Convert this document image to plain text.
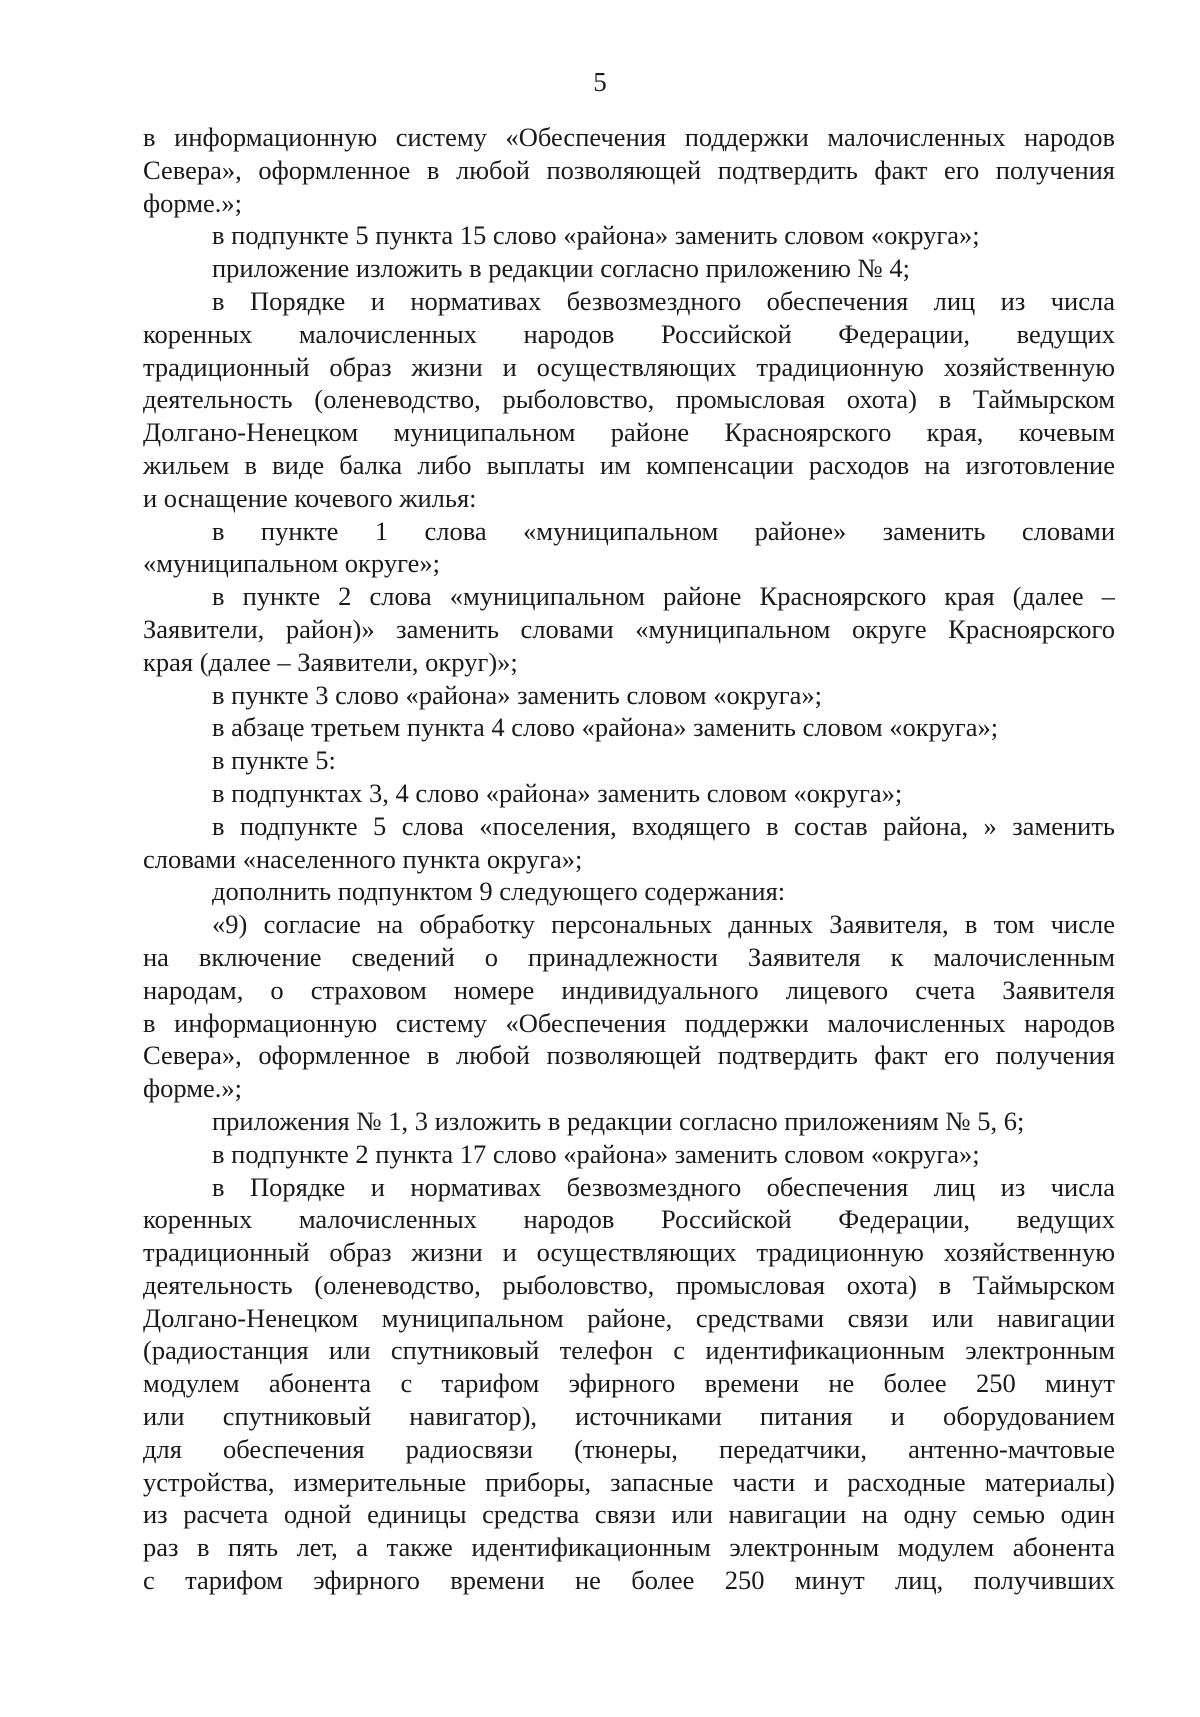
5
в информационную систему «Обеспечения поддержки малочисленных народов
Севера», оформленное в любой позволяющей подтвердить факт его получения
форме.»;
в подпункте 5 пункта 15 слово «района» заменить словом «округа»;
приложение изложить в редакции согласно приложению № 4;
в Порядке и нормативах безвозмездного обеспечения лиц из числа
коренных малочисленных народов Российской Федерации, ведущих
традиционный образ жизни и осуществляющих традиционную хозяйственную
деятельность (оленеводство, рыболовство, промысловая охота) в Таймырском
Долгано-Ненецком муниципальном районе Красноярского края, кочевым
жильем в виде балка либо выплаты им компенсации расходов на изготовление
и оснащение кочевого жилья:
в пункте 1 слова «муниципальном районе» заменить словами
«муниципальном округе»;
в пункте 2 слова «муниципальном районе Красноярского края (далее –
Заявители, район)» заменить словами «муниципальном округе Красноярского
края (далее – Заявители, округ)»;
в пункте 3 слово «района» заменить словом «округа»;
в абзаце третьем пункта 4 слово «района» заменить словом «округа»;
в пункте 5:
в подпунктах 3, 4 слово «района» заменить словом «округа»;
в подпункте 5 слова «поселения, входящего в состав района, » заменить
словами «населенного пункта округа»;
дополнить подпунктом 9 следующего содержания:
«9) согласие на обработку персональных данных Заявителя, в том числе
на включение сведений о принадлежности Заявителя к малочисленным
народам, о страховом номере индивидуального лицевого счета Заявителя
в информационную систему «Обеспечения поддержки малочисленных народов
Севера», оформленное в любой позволяющей подтвердить факт его получения
форме.»;
приложения № 1, 3 изложить в редакции согласно приложениям № 5, 6;
в подпункте 2 пункта 17 слово «района» заменить словом «округа»;
в Порядке и нормативах безвозмездного обеспечения лиц из числа
коренных малочисленных народов Российской Федерации, ведущих
традиционный образ жизни и осуществляющих традиционную хозяйственную
деятельность (оленеводство, рыболовство, промысловая охота) в Таймырском
Долгано-Ненецком муниципальном районе, средствами связи или навигации
(радиостанция или спутниковый телефон с идентификационным электронным
модулем абонента с тарифом эфирного времени не более 250 минут
или спутниковый навигатор), источниками питания и оборудованием
для обеспечения радиосвязи (тюнеры, передатчики, антенно-мачтовые
устройства, измерительные приборы, запасные части и расходные материалы)
из расчета одной единицы средства связи или навигации на одну семью один
раз в пять лет, а также идентификационным электронным модулем абонента
с тарифом эфирного времени не более 250 минут лиц, получивших
